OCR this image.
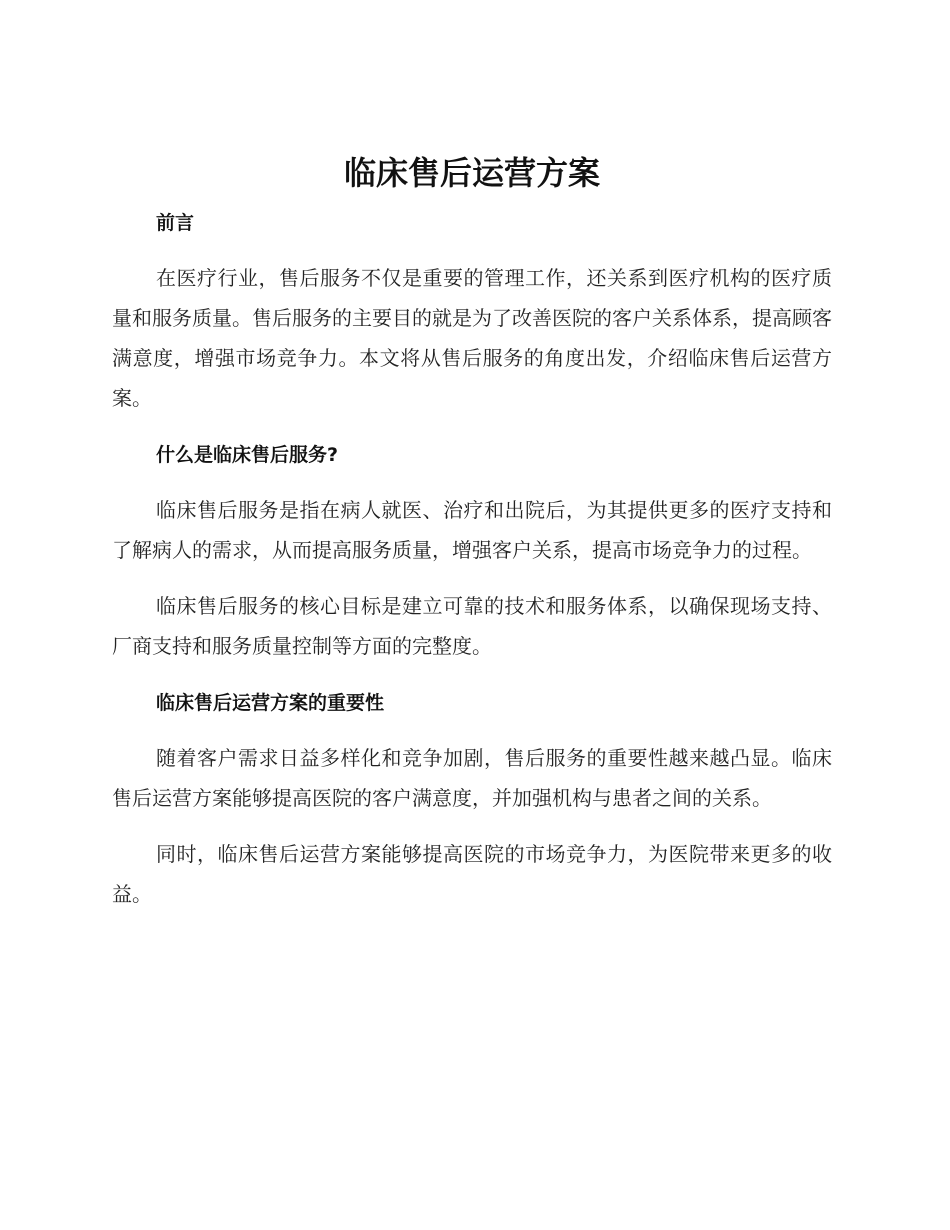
临床售后运营方案
前言

在医疗行业，售后服务不仅是重要的管理工作，还关系到医疗机构的医疗质量和服务质量。售后服务的主要目的就是为了改善医院的客户关系体系，提高顾客满意度，增强市场竞争力。本文将从售后服务的角度出发，介绍临床售后运营方案。

什么是临床售后服务?

临床售后服务是指在病人就医、治疗和出院后，为其提供更多的医疗支持和了解病人的需求，从而提高服务质量，增强客户关系，提高市场竞争力的过程。

临床售后服务的核心目标是建立可靠的技术和服务体系，以确保现场支持、厂商支持和服务质量控制等方面的完整度。

临床售后运营方案的重要性

随着客户需求日益多样化和竞争加剧，售后服务的重要性越来越凸显。临床售后运营方案能够提高医院的客户满意度，并加强机构与患者之间的关系。

同时，临床售后运营方案能够提高医院的市场竞争力，为医院带来更多的收益。
